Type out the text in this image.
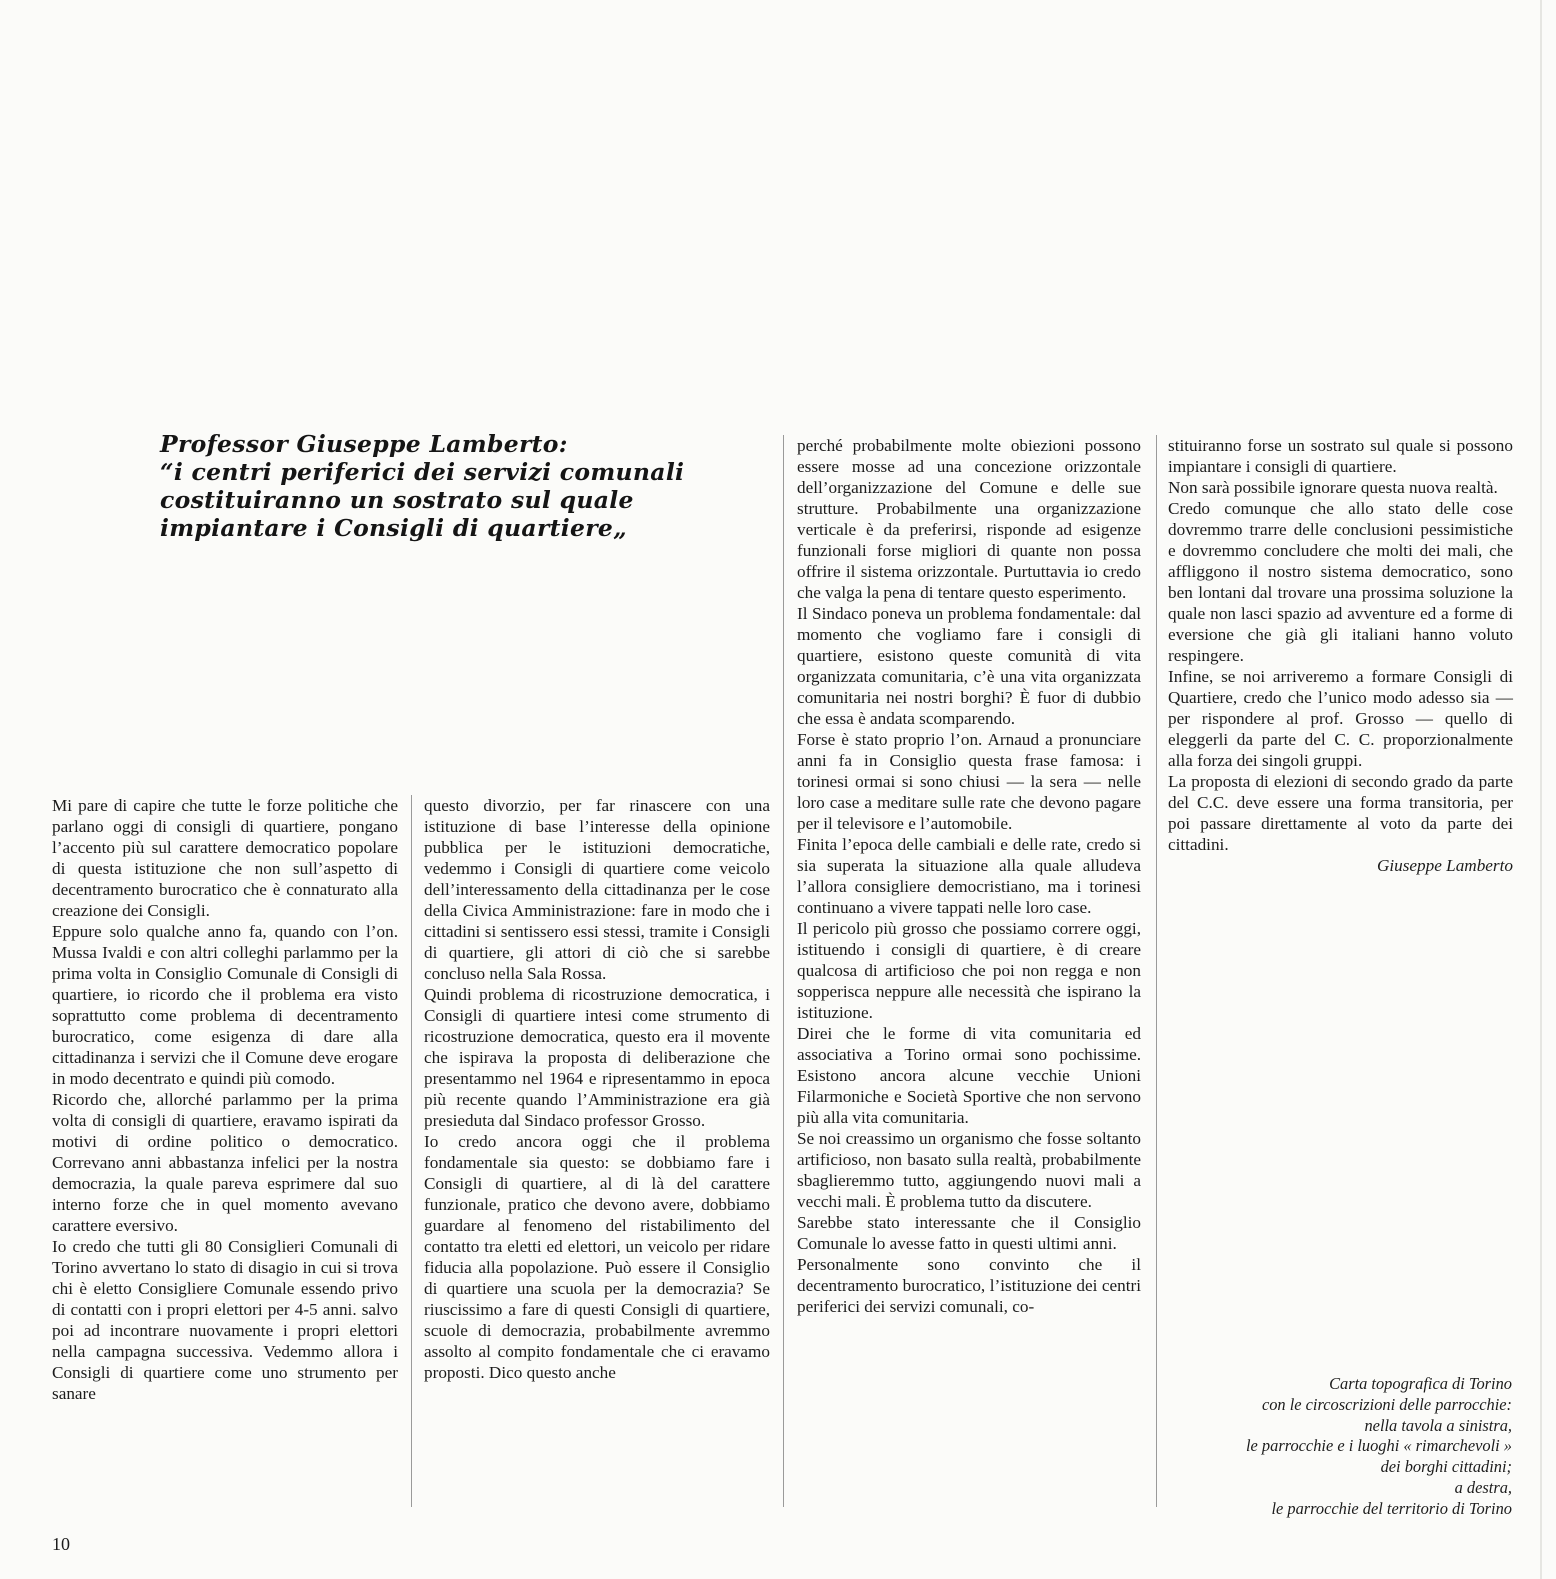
Professor Giuseppe Lamberto:
“i centri periferici dei servizi comunali
costituiranno un sostrato sul quale
impiantare i Consigli di quartiere„

Mi pare di capire che tutte le forze politiche che parlano oggi di consigli di quartiere, pongano l’accento più sul carattere democratico popolare di questa istituzione che non sull’aspetto di decentramento burocratico che è connaturato alla creazione dei Consigli.

Eppure solo qualche anno fa, quando con l’on. Mussa Ivaldi e con altri colleghi parlammo per la prima volta in Consiglio Comunale di Consigli di quartiere, io ricordo che il problema era visto soprattutto come problema di decentramento burocratico, come esigenza di dare alla cittadinanza i servizi che il Comune deve erogare in modo decentrato e quindi più comodo.

Ricordo che, allorché parlammo per la prima volta di consigli di quartiere, eravamo ispirati da motivi di ordine politico o democratico. Correvano anni abbastanza infelici per la nostra democrazia, la quale pareva esprimere dal suo interno forze che in quel momento avevano carattere eversivo.

Io credo che tutti gli 80 Consiglieri Comunali di Torino avvertano lo stato di disagio in cui si trova chi è eletto Consigliere Comunale essendo privo di contatti con i propri elettori per 4-5 anni. salvo poi ad incontrare nuovamente i propri elettori nella campagna successiva. Vedemmo allora i Consigli di quartiere come uno strumento per sanare

questo divorzio, per far rinascere con una istituzione di base l’interesse della opinione pubblica per le istituzioni democratiche, vedemmo i Consigli di quartiere come veicolo dell’interessamento della cittadinanza per le cose della Civica Amministrazione: fare in modo che i cittadini si sentissero essi stessi, tramite i Consigli di quartiere, gli attori di ciò che si sarebbe concluso nella Sala Rossa.

Quindi problema di ricostruzione democratica, i Consigli di quartiere intesi come strumento di ricostruzione democratica, questo era il movente che ispirava la proposta di deliberazione che presentammo nel 1964 e ripresentammo in epoca più recente quando l’Amministrazione era già presieduta dal Sindaco professor Grosso.

Io credo ancora oggi che il problema fondamentale sia questo: se dobbiamo fare i Consigli di quartiere, al di là del carattere funzionale, pratico che devono avere, dobbiamo guardare al fenomeno del ristabilimento del contatto tra eletti ed elettori, un veicolo per ridare fiducia alla popolazione. Può essere il Consiglio di quartiere una scuola per la democrazia? Se riuscissimo a fare di questi Consigli di quartiere, scuole di democrazia, probabilmente avremmo assolto al compito fondamentale che ci eravamo proposti. Dico questo anche

perché probabilmente molte obiezioni possono essere mosse ad una concezione orizzontale dell’organizzazione del Comune e delle sue strutture. Probabilmente una organizzazione verticale è da preferirsi, risponde ad esigenze funzionali forse migliori di quante non possa offrire il sistema orizzontale. Purtuttavia io credo che valga la pena di tentare questo esperimento.

Il Sindaco poneva un problema fondamentale: dal momento che vogliamo fare i consigli di quartiere, esistono queste comunità di vita organizzata comunitaria, c’è una vita organizzata comunitaria nei nostri borghi? È fuor di dubbio che essa è andata scomparendo.

Forse è stato proprio l’on. Arnaud a pronunciare anni fa in Consiglio questa frase famosa: i torinesi ormai si sono chiusi — la sera — nelle loro case a meditare sulle rate che devono pagare per il televisore e l’automobile.

Finita l’epoca delle cambiali e delle rate, credo si sia superata la situazione alla quale alludeva l’allora consigliere democristiano, ma i torinesi continuano a vivere tappati nelle loro case.

Il pericolo più grosso che possiamo correre oggi, istituendo i consigli di quartiere, è di creare qualcosa di artificioso che poi non regga e non sopperisca neppure alle necessità che ispirano la istituzione.

Direi che le forme di vita comunitaria ed associativa a Torino ormai sono pochissime. Esistono ancora alcune vecchie Unioni Filarmoniche e Società Sportive che non servono più alla vita comunitaria.

Se noi creassimo un organismo che fosse soltanto artificioso, non basato sulla realtà, probabilmente sbaglieremmo tutto, aggiungendo nuovi mali a vecchi mali. È problema tutto da discutere.

Sarebbe stato interessante che il Consiglio Comunale lo avesse fatto in questi ultimi anni.

Personalmente sono convinto che il decentramento burocratico, l’istituzione dei centri periferici dei servizi comunali, co-

stituiranno forse un sostrato sul quale si possono impiantare i consigli di quartiere.

Non sarà possibile ignorare questa nuova realtà.

Credo comunque che allo stato delle cose dovremmo trarre delle conclusioni pessimistiche e dovremmo concludere che molti dei mali, che affliggono il nostro sistema democratico, sono ben lontani dal trovare una prossima soluzione la quale non lasci spazio ad avventure ed a forme di eversione che già gli italiani hanno voluto respingere.

Infine, se noi arriveremo a formare Consigli di Quartiere, credo che l’unico modo adesso sia — per rispondere al prof. Grosso — quello di eleggerli da parte del C. C. proporzionalmente alla forza dei singoli gruppi.

La proposta di elezioni di secondo grado da parte del C.C. deve essere una forma transitoria, per poi passare direttamente al voto da parte dei cittadini.

Giuseppe Lamberto

Carta topografica di Torino
con le circoscrizioni delle parrocchie:
nella tavola a sinistra,
le parrocchie e i luoghi « rimarchevoli »
dei borghi cittadini;
a destra,
le parrocchie del territorio di Torino

10
